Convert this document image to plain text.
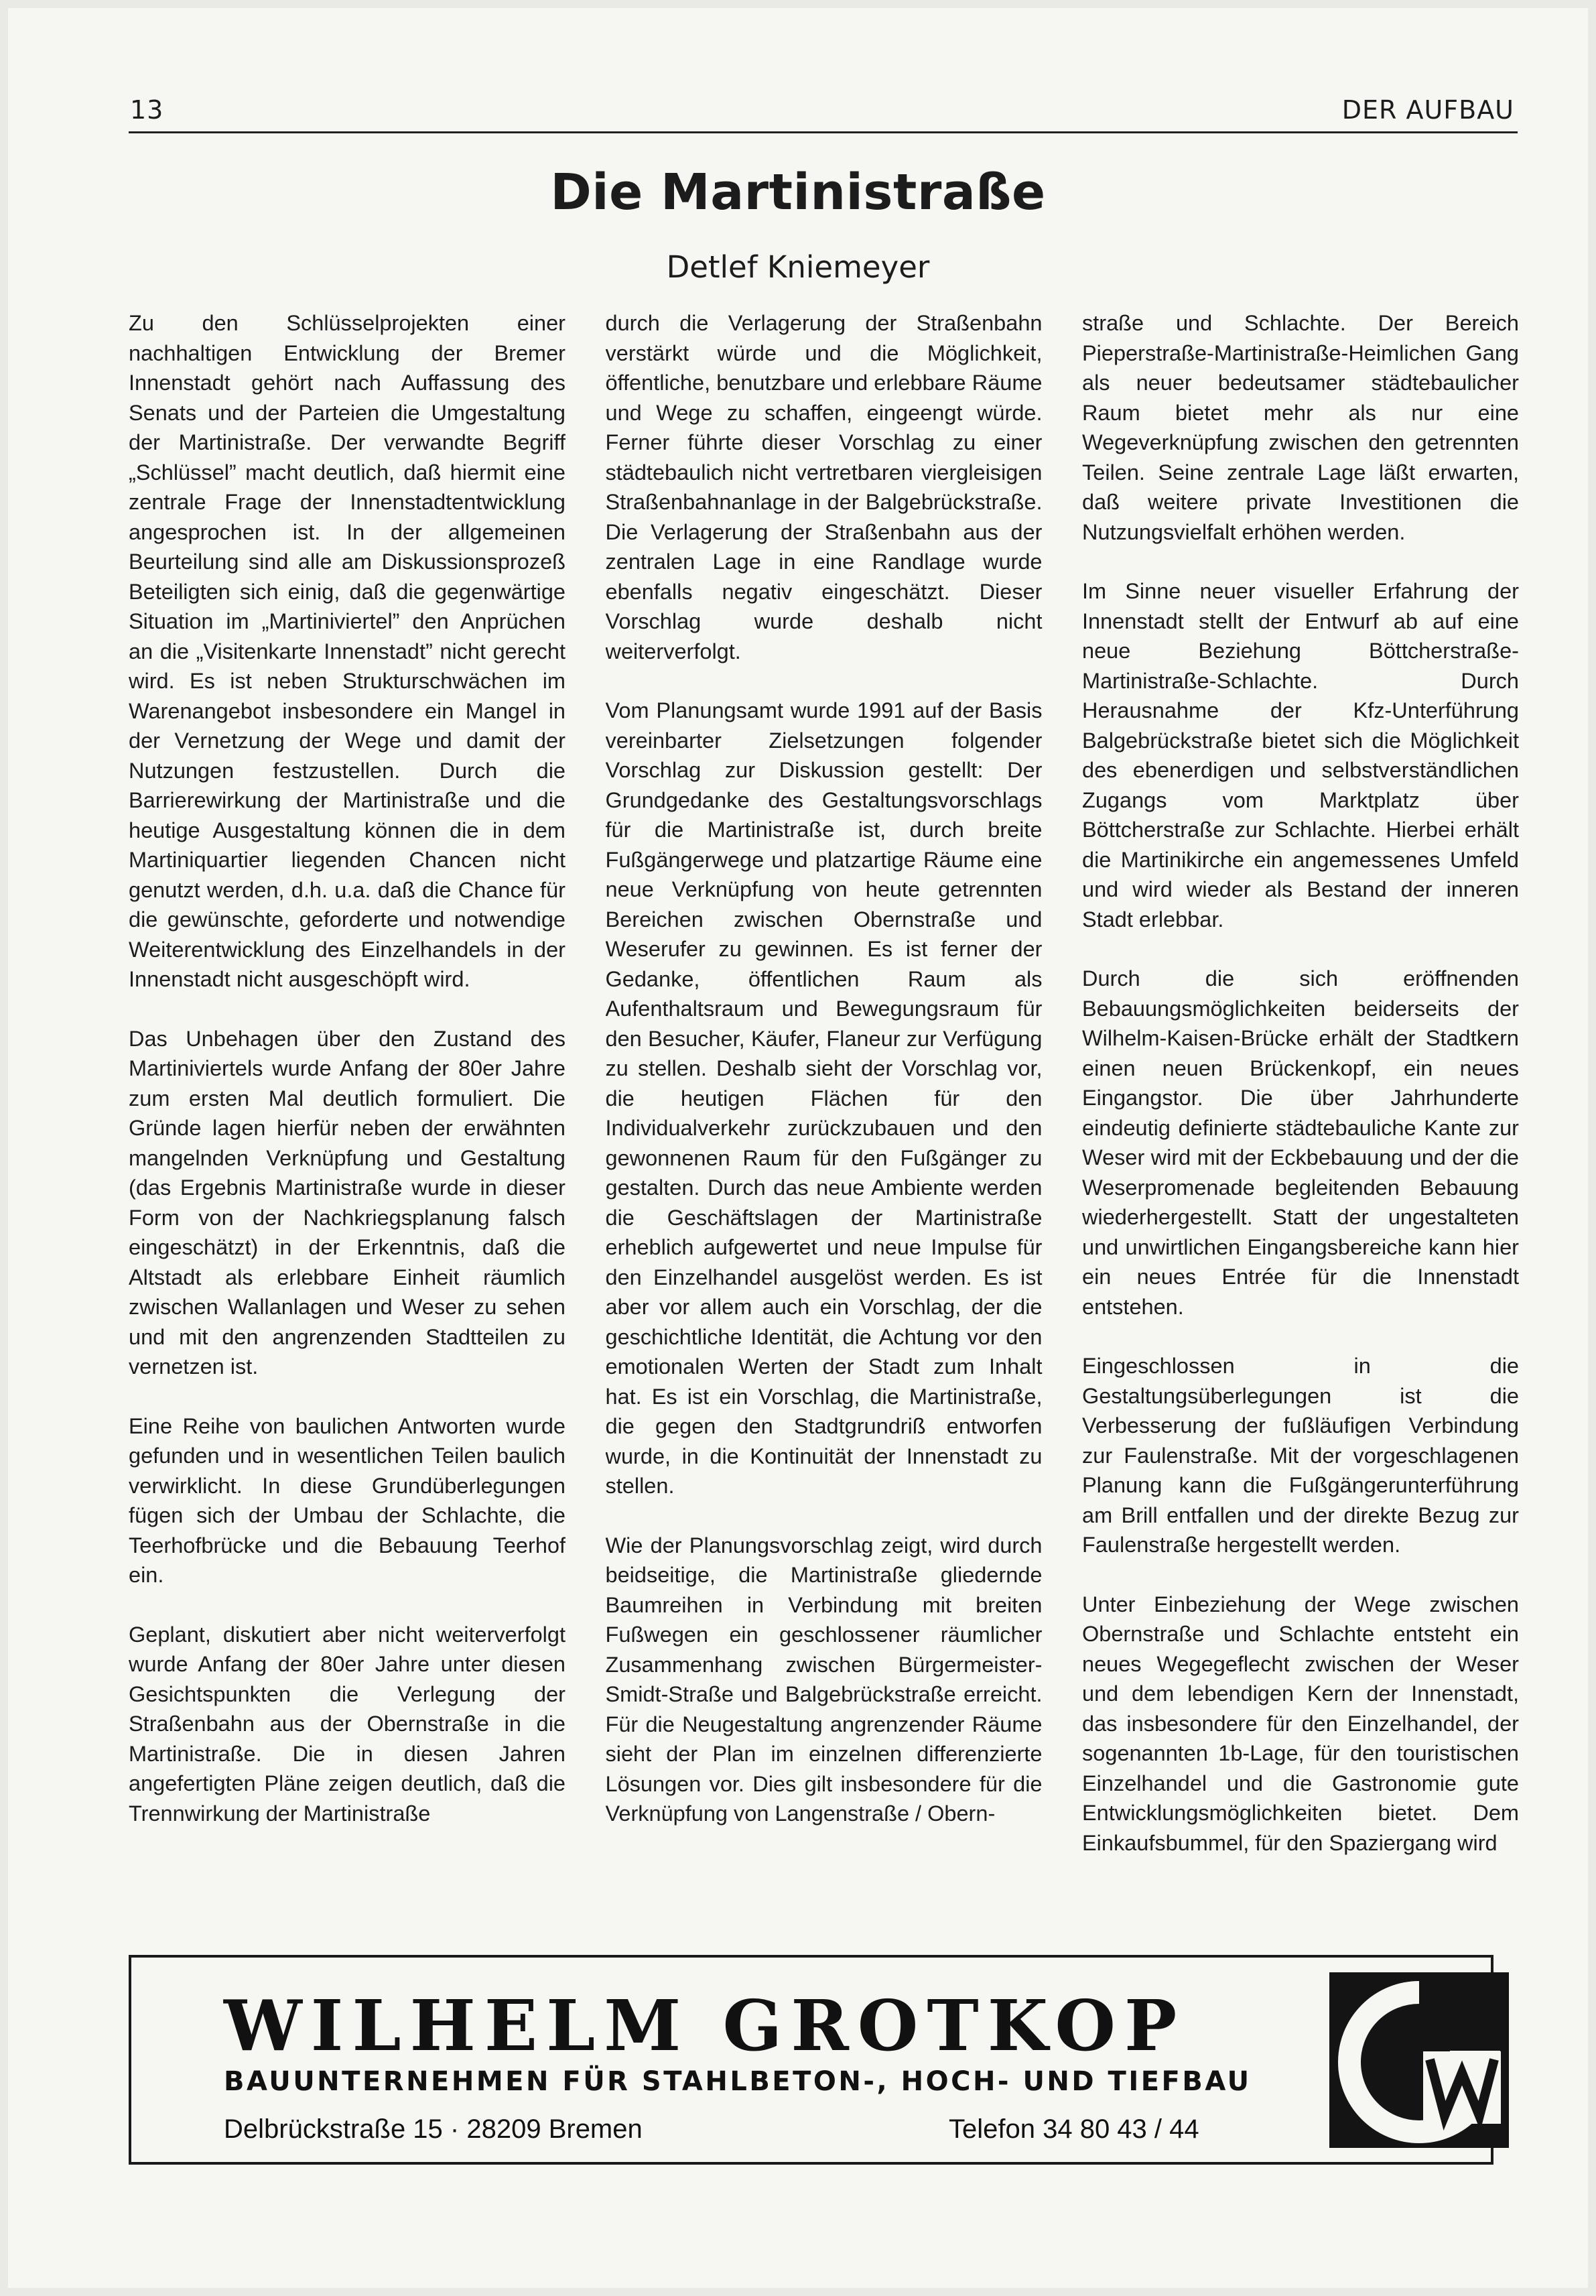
13	DER AUFBAU
Die Martinistraße
Detlef Kniemeyer

Zu den Schlüsselprojekten einer nachhaltigen Entwicklung der Bremer Innenstadt gehört nach Auffassung des Senats und der Parteien die Umgestaltung der Martinistraße. Der verwandte Begriff „Schlüssel” macht deutlich, daß hiermit eine zentrale Frage der Innenstadtentwicklung angesprochen ist. In der allgemeinen Beurteilung sind alle am Diskussionsprozeß Beteiligten sich einig, daß die gegenwärtige Situation im „Martiniviertel” den Anprüchen an die „Visitenkarte Innenstadt” nicht gerecht wird. Es ist neben Strukturschwächen im Warenangebot insbesondere ein Mangel in der Vernetzung der Wege und damit der Nutzungen festzustellen. Durch die Barrierewirkung der Martinistraße und die heutige Ausgestaltung können die in dem Martiniquartier liegenden Chancen nicht genutzt werden, d.h. u.a. daß die Chance für die gewünschte, geforderte und notwendige Weiterentwicklung des Einzelhandels in der Innenstadt nicht ausgeschöpft wird.

Das Unbehagen über den Zustand des Martiniviertels wurde Anfang der 80er Jahre zum ersten Mal deutlich formuliert. Die Gründe lagen hierfür neben der erwähnten mangelnden Verknüpfung und Gestaltung (das Ergebnis Martinistraße wurde in dieser Form von der Nachkriegsplanung falsch eingeschätzt) in der Erkenntnis, daß die Altstadt als erlebbare Einheit räumlich zwischen Wallanlagen und Weser zu sehen und mit den angrenzenden Stadtteilen zu vernetzen ist.

Eine Reihe von baulichen Antworten wurde gefunden und in wesentlichen Teilen baulich verwirklicht. In diese Grundüberlegungen fügen sich der Umbau der Schlachte, die Teerhofbrücke und die Bebauung Teerhof ein.

Geplant, diskutiert aber nicht weiterverfolgt wurde Anfang der 80er Jahre unter diesen Gesichtspunkten die Verlegung der Straßenbahn aus der Obernstraße in die Martinistraße. Die in diesen Jahren angefertigten Pläne zeigen deutlich, daß die Trennwirkung der Martinistraße

durch die Verlagerung der Straßenbahn verstärkt würde und die Möglichkeit, öffentliche, benutzbare und erlebbare Räume und Wege zu schaffen, eingeengt würde. Ferner führte dieser Vorschlag zu einer städtebaulich nicht vertretbaren viergleisigen Straßenbahnanlage in der Balgebrückstraße. Die Verlagerung der Straßenbahn aus der zentralen Lage in eine Randlage wurde ebenfalls negativ eingeschätzt. Dieser Vorschlag wurde deshalb nicht weiterverfolgt.

Vom Planungsamt wurde 1991 auf der Basis vereinbarter Zielsetzungen folgender Vorschlag zur Diskussion gestellt: Der Grundgedanke des Gestaltungsvorschlags für die Martinistraße ist, durch breite Fußgängerwege und platzartige Räume eine neue Verknüpfung von heute getrennten Bereichen zwischen Obernstraße und Weserufer zu gewinnen. Es ist ferner der Gedanke, öffentlichen Raum als Aufenthaltsraum und Bewegungsraum für den Besucher, Käufer, Flaneur zur Verfügung zu stellen. Deshalb sieht der Vorschlag vor, die heutigen Flächen für den Individualverkehr zurückzubauen und den gewonnenen Raum für den Fußgänger zu gestalten. Durch das neue Ambiente werden die Geschäftslagen der Martinistraße erheblich aufgewertet und neue Impulse für den Einzelhandel ausgelöst werden. Es ist aber vor allem auch ein Vorschlag, der die geschichtliche Identität, die Achtung vor den emotionalen Werten der Stadt zum Inhalt hat. Es ist ein Vorschlag, die Martinistraße, die gegen den Stadtgrundriß entworfen wurde, in die Kontinuität der Innenstadt zu stellen.

Wie der Planungsvorschlag zeigt, wird durch beidseitige, die Martinistraße gliedernde Baumreihen in Verbindung mit breiten Fußwegen ein geschlossener räumlicher Zusammenhang zwischen Bürgermeister-Smidt-Straße und Balgebrückstraße erreicht. Für die Neugestaltung angrenzender Räume sieht der Plan im einzelnen differenzierte Lösungen vor. Dies gilt insbesondere für die Verknüpfung von Langenstraße / Obern-

straße und Schlachte. Der Bereich Pieperstraße-Martinistraße-Heimlichen Gang als neuer bedeutsamer städtebaulicher Raum bietet mehr als nur eine Wegeverknüpfung zwischen den getrennten Teilen. Seine zentrale Lage läßt erwarten, daß weitere private Investitionen die Nutzungsvielfalt erhöhen werden.

Im Sinne neuer visueller Erfahrung der Innenstadt stellt der Entwurf ab auf eine neue Beziehung Böttcherstraße-Martinistraße-Schlachte. Durch Herausnahme der Kfz-Unterführung Balgebrückstraße bietet sich die Möglichkeit des ebenerdigen und selbstverständlichen Zugangs vom Marktplatz über Böttcherstraße zur Schlachte. Hierbei erhält die Martinikirche ein angemessenes Umfeld und wird wieder als Bestand der inneren Stadt erlebbar.

Durch die sich eröffnenden Bebauungsmöglichkeiten beiderseits der Wilhelm-Kaisen-Brücke erhält der Stadtkern einen neuen Brückenkopf, ein neues Eingangstor. Die über Jahrhunderte eindeutig definierte städtebauliche Kante zur Weser wird mit der Eckbebauung und der die Weserpromenade begleitenden Bebauung wiederhergestellt. Statt der ungestalteten und unwirtlichen Eingangsbereiche kann hier ein neues Entrée für die Innenstadt entstehen.

Eingeschlossen in die Gestaltungsüberlegungen ist die Verbesserung der fußläufigen Verbindung zur Faulenstraße. Mit der vorgeschlagenen Planung kann die Fußgängerunterführung am Brill entfallen und der direkte Bezug zur Faulenstraße hergestellt werden.

Unter Einbeziehung der Wege zwischen Obernstraße und Schlachte entsteht ein neues Wegegeflecht zwischen der Weser und dem lebendigen Kern der Innenstadt, das insbesondere für den Einzelhandel, der sogenannten 1b-Lage, für den touristischen Einzelhandel und die Gastronomie gute Entwicklungsmöglichkeiten bietet. Dem Einkaufsbummel, für den Spaziergang wird

WILHELM GROTKOP
BAUUNTERNEHMEN FÜR STAHLBETON-, HOCH- UND TIEFBAU
Delbrückstraße 15 · 28209 Bremen	Telefon 34 80 43 / 44
